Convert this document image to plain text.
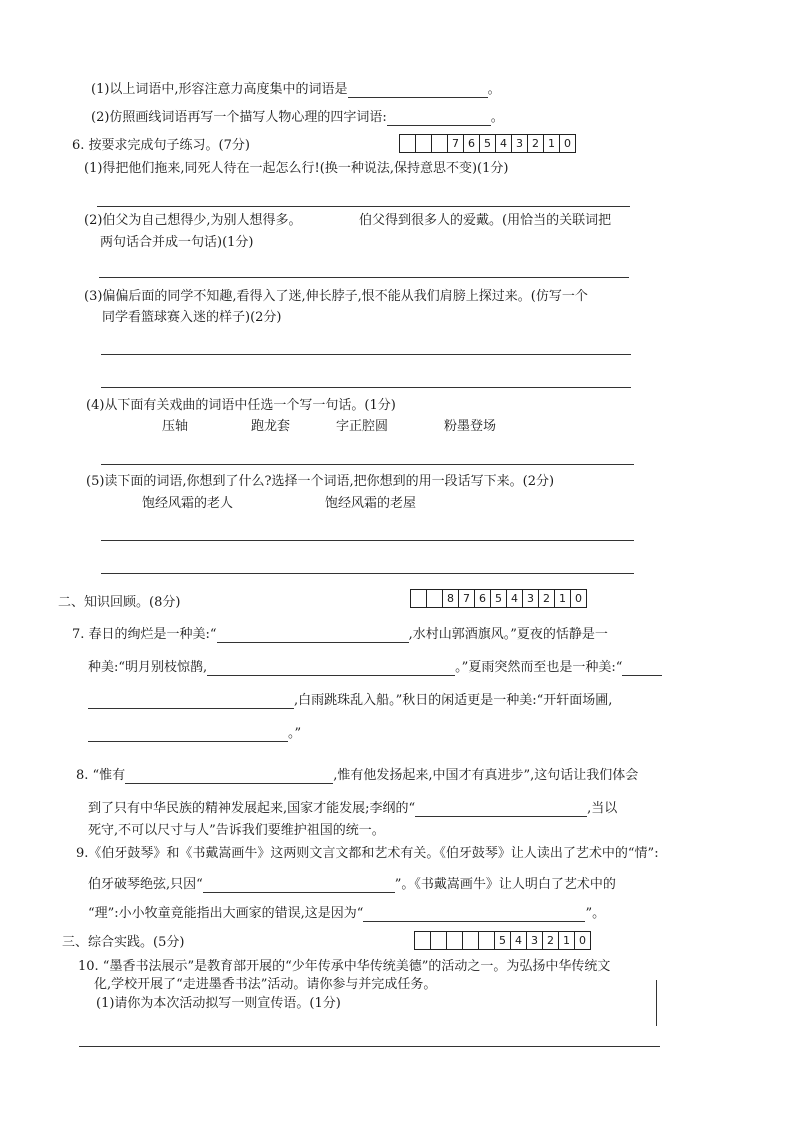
(1)以上词语中,形容注意力高度集中的词语是	。
(2)仿照画线词语再写一个描写人物心理的四字词语:	。
6. 按要求完成句子练习。(7分)	7 6 5 4 3 2 1 0
(1)得把他们拖来,同死人待在一起怎么行!(换一种说法,保持意思不变)(1分)
(2)伯父为自己想得少,为别人想得多。	伯父得到很多人的爱戴。(用恰当的关联词把
两句话合并成一句话)(1分)
(3)偏偏后面的同学不知趣,看得入了迷,伸长脖子,恨不能从我们肩膀上探过来。(仿写一个
同学看篮球赛入迷的样子)(2分)
(4)从下面有关戏曲的词语中任选一个写一句话。(1分)
压轴	跑龙套	字正腔圆	粉墨登场
(5)读下面的词语,你想到了什么?选择一个词语,把你想到的用一段话写下来。(2分)
饱经风霜的老人	饱经风霜的老屋
二、知识回顾。(8分)	8 7 6 5 4 3 2 1 0
7. 春日的绚烂是一种美:“	,水村山郭酒旗风。”夏夜的恬静是一
种美:“明月别枝惊鹊,	。”夏雨突然而至也是一种美:“
,白雨跳珠乱入船。”秋日的闲适更是一种美:“开轩面场圃,
。”
8. “惟有	,惟有他发扬起来,中国才有真进步”,这句话让我们体会
到了只有中华民族的精神发展起来,国家才能发展;李纲的“	,当以
死守,不可以尺寸与人”告诉我们要维护祖国的统一。
9.《伯牙鼓琴》和《书戴嵩画牛》这两则文言文都和艺术有关。《伯牙鼓琴》让人读出了艺术中的“情”:
伯牙破琴绝弦,只因“	”。《书戴嵩画牛》让人明白了艺术中的
“理”:小小牧童竟能指出大画家的错误,这是因为“	”。
三、综合实践。(5分)	5 4 3 2 1 0
10. “墨香书法展示”是教育部开展的“少年传承中华传统美德”的活动之一。为弘扬中华传统文
化,学校开展了“走进墨香书法”活动。请你参与并完成任务。
(1)请你为本次活动拟写一则宣传语。(1分)
